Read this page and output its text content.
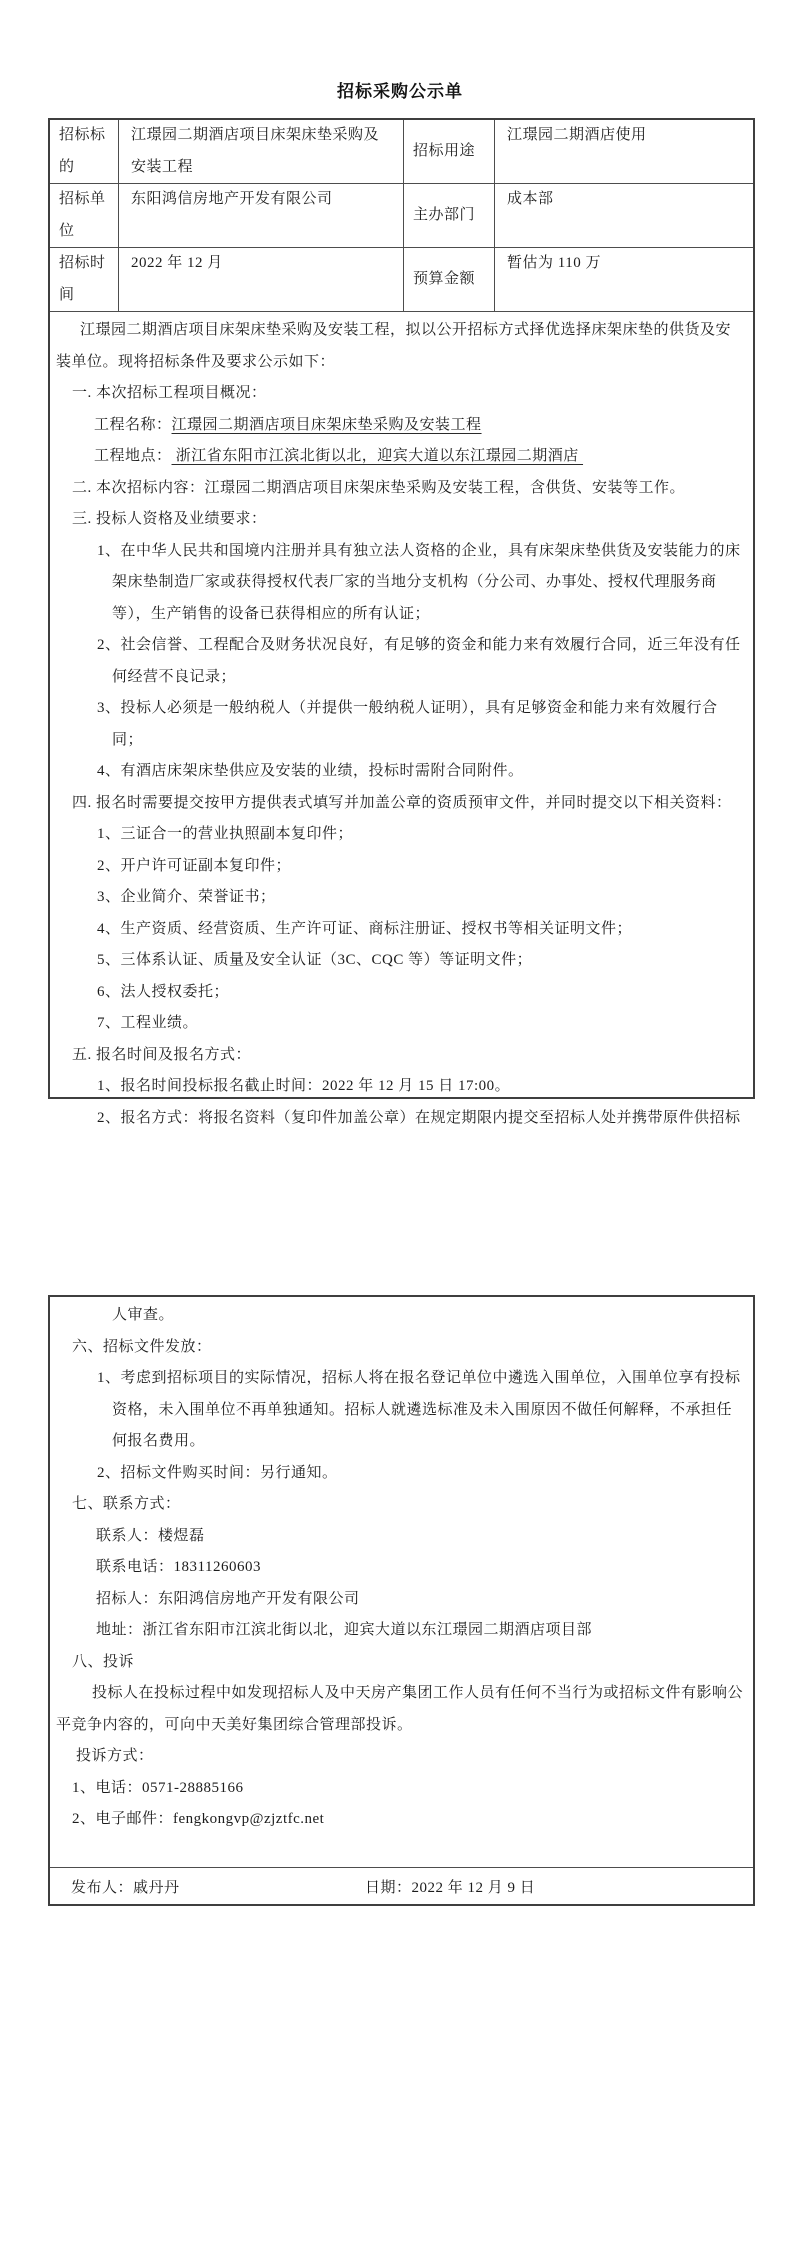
招标采购公示单
招标标的
江璟园二期酒店项目床架床垫采购及安装工程
招标用途
江璟园二期酒店使用
招标单位
东阳鸿信房地产开发有限公司
主办部门
成本部
招标时间
2022 年 12 月
预算金额
暂估为 110 万

江璟园二期酒店项目床架床垫采购及安装工程，拟以公开招标方式择优选择床架床垫的供货及安装单位。现将招标条件及要求公示如下：

一. 本次招标工程项目概况：

工程名称：江璟园二期酒店项目床架床垫采购及安装工程

工程地点： 浙江省东阳市江滨北街以北，迎宾大道以东江璟园二期酒店

二. 本次招标内容：江璟园二期酒店项目床架床垫采购及安装工程，含供货、安装等工作。

三. 投标人资格及业绩要求：

1、在中华人民共和国境内注册并具有独立法人资格的企业，具有床架床垫供货及安装能力的床架床垫制造厂家或获得授权代表厂家的当地分支机构（分公司、办事处、授权代理服务商等），生产销售的设备已获得相应的所有认证；

2、社会信誉、工程配合及财务状况良好，有足够的资金和能力来有效履行合同，近三年没有任何经营不良记录；

3、投标人必须是一般纳税人（并提供一般纳税人证明），具有足够资金和能力来有效履行合同；

4、有酒店床架床垫供应及安装的业绩，投标时需附合同附件。

四. 报名时需要提交按甲方提供表式填写并加盖公章的资质预审文件，并同时提交以下相关资料：

1、三证合一的营业执照副本复印件；

2、开户许可证副本复印件；

3、企业简介、荣誉证书；

4、生产资质、经营资质、生产许可证、商标注册证、授权书等相关证明文件；

5、三体系认证、质量及安全认证（3C、CQC 等）等证明文件；

6、法人授权委托；

7、工程业绩。

五. 报名时间及报名方式：

1、报名时间投标报名截止时间：2022 年 12 月 15 日 17:00。

2、报名方式：将报名资料（复印件加盖公章）在规定期限内提交至招标人处并携带原件供招标

人审查。

六、招标文件发放：

1、考虑到招标项目的实际情况，招标人将在报名登记单位中遴选入围单位，入围单位享有投标资格，未入围单位不再单独通知。招标人就遴选标准及未入围原因不做任何解释，不承担任何报名费用。

2、招标文件购买时间：另行通知。

七、联系方式：

联系人：楼煜磊

联系电话：18311260603

招标人：东阳鸿信房地产开发有限公司

地址：浙江省东阳市江滨北街以北，迎宾大道以东江璟园二期酒店项目部

八、投诉

投标人在投标过程中如发现招标人及中天房产集团工作人员有任何不当行为或招标文件有影响公平竞争内容的，可向中天美好集团综合管理部投诉。

投诉方式：

1、电话：0571-28885166

2、电子邮件：fengkongvp@zjztfc.net

发布人：戚丹丹	日期：2022 年 12 月 9 日
